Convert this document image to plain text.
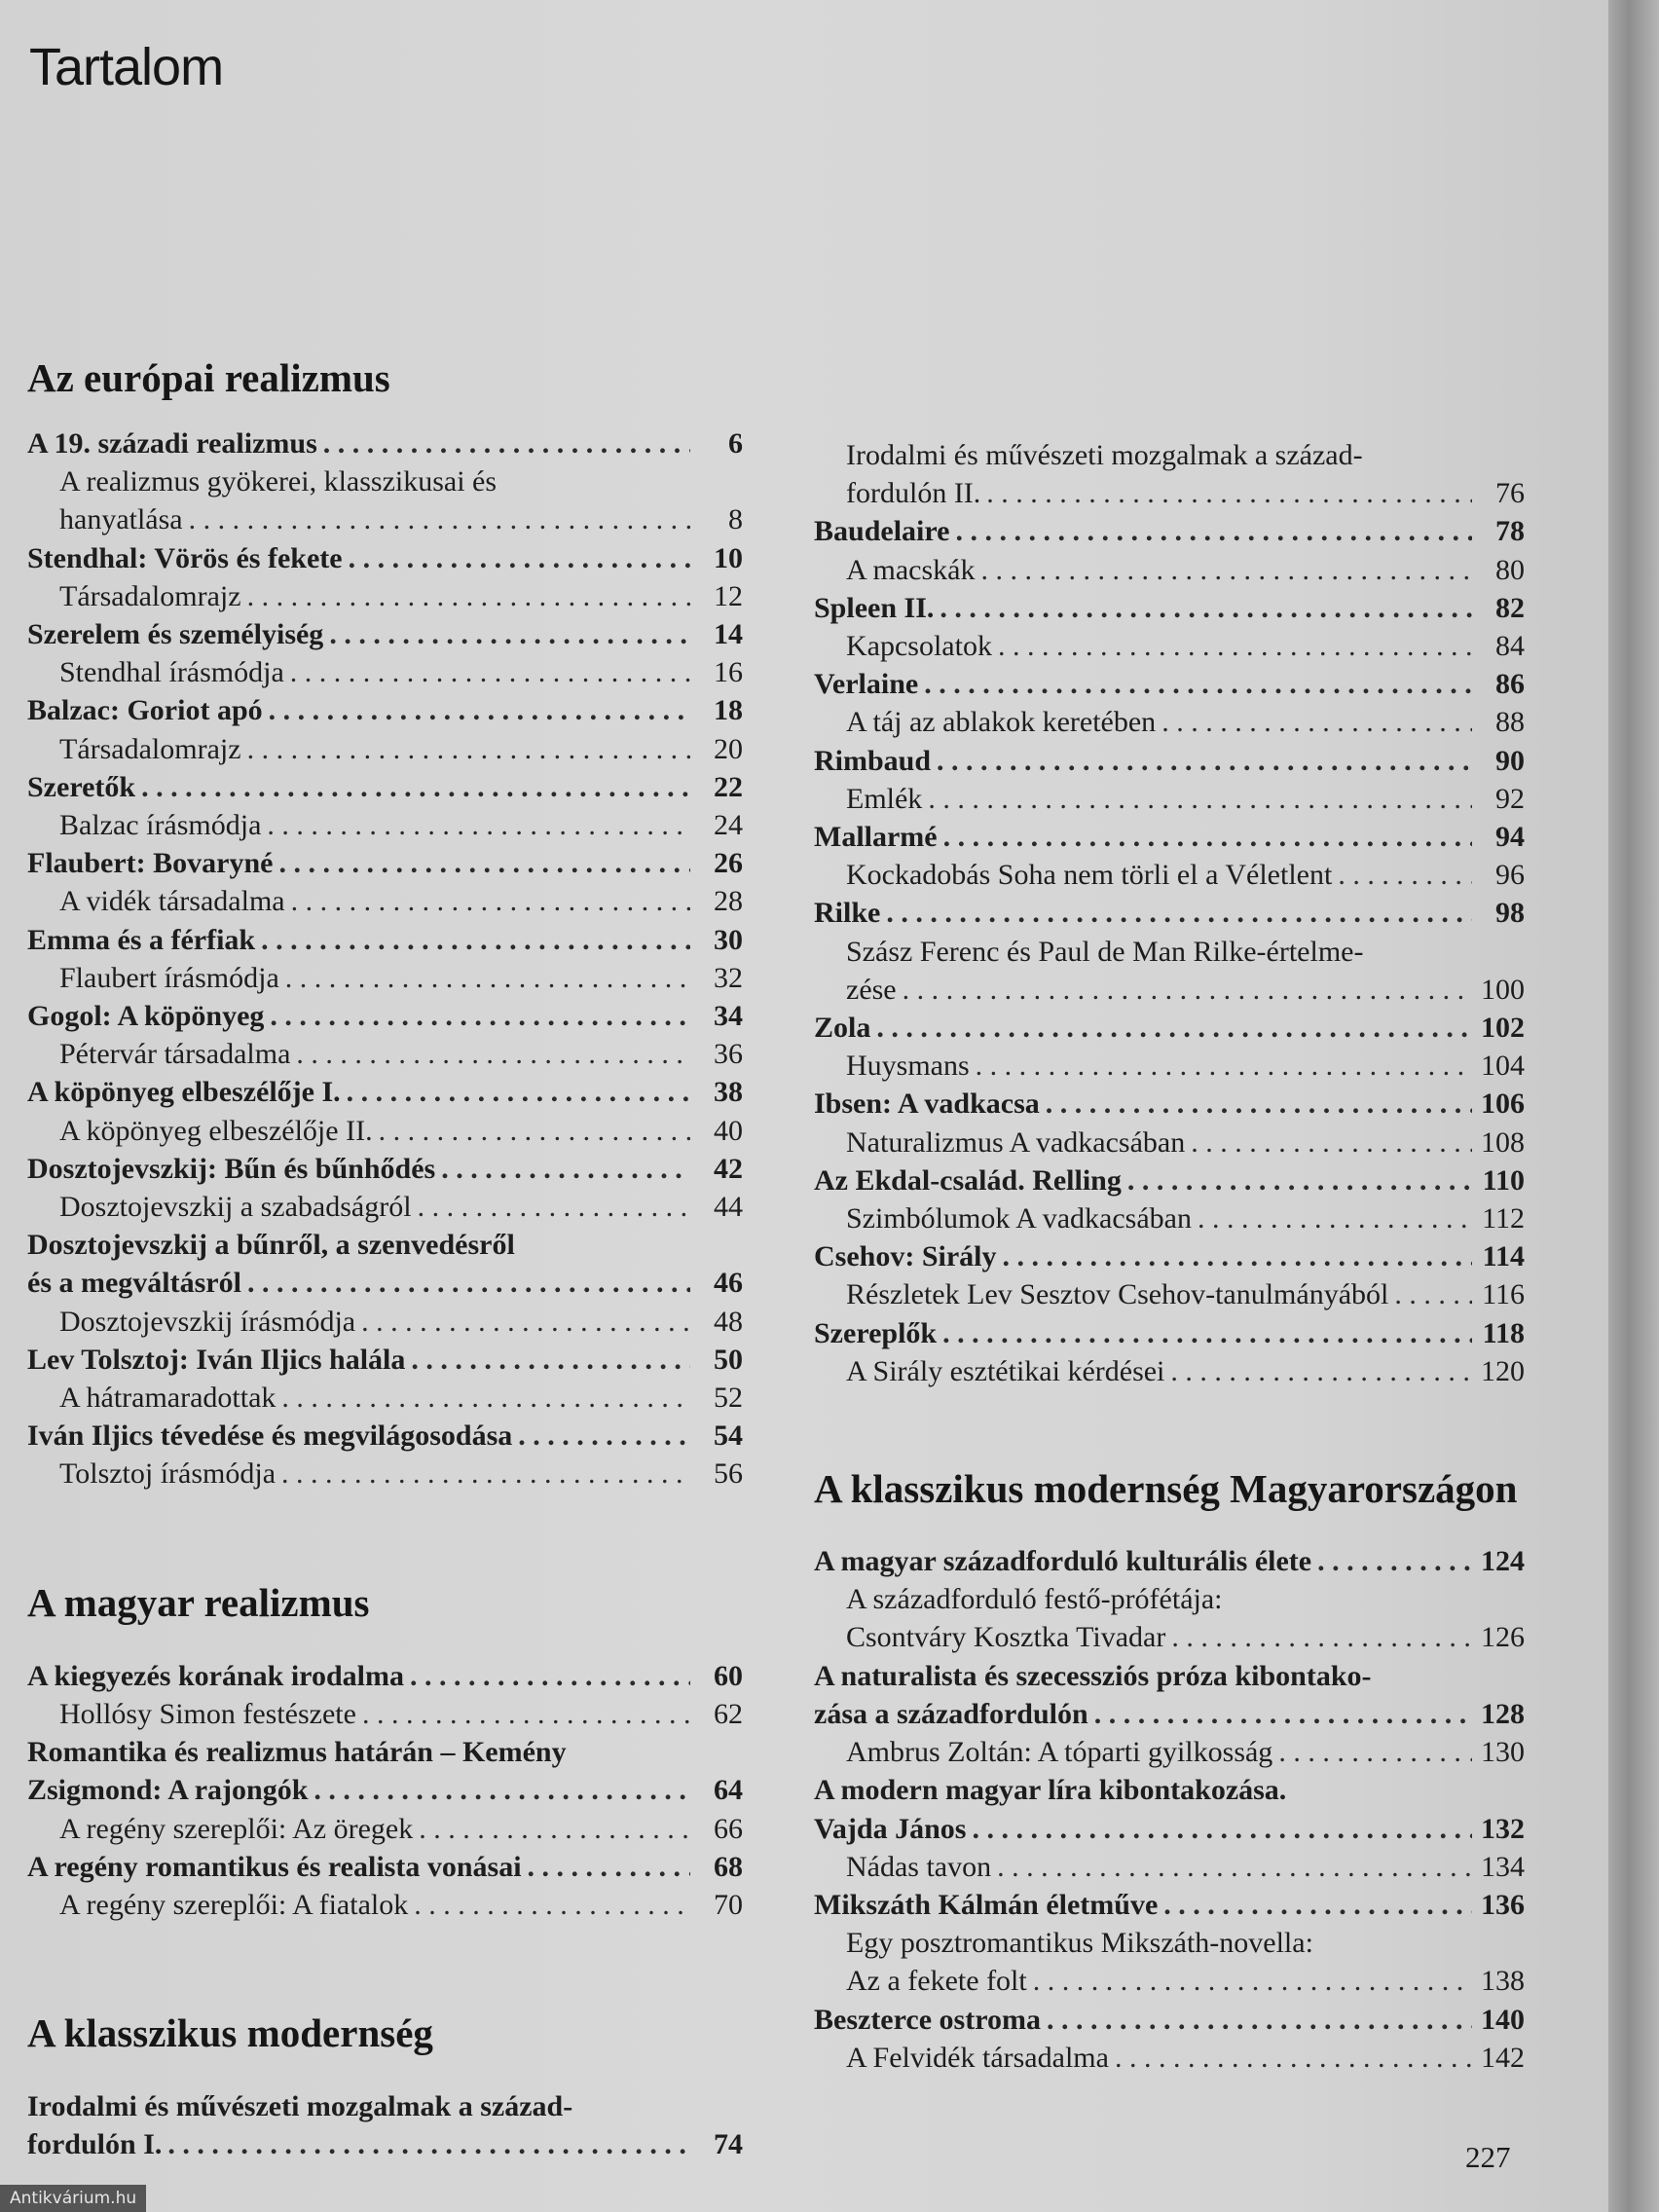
Tartalom
Az európai realizmus
A 19. századi realizmus . . .	6
A realizmus gyökerei, klasszikusai és
hanyatlása . . .	8
Stendhal: Vörös és fekete . . .	10
Társadalomrajz . . .	12
Szerelem és személyiség . . .	14
Stendhal írásmódja . . .	16
Balzac: Goriot apó . . .	18
Társadalomrajz . . .	20
Szeretők . . .	22
Balzac írásmódja . . .	24
Flaubert: Bovaryné . . .	26
A vidék társadalma . . .	28
Emma és a férfiak . . .	30
Flaubert írásmódja . . .	32
Gogol: A köpönyeg . . .	34
Pétervár társadalma . . .	36
A köpönyeg elbeszélője I. . . .	38
A köpönyeg elbeszélője II. . . .	40
Dosztojevszkij: Bűn és bűnhődés . . .	42
Dosztojevszkij a szabadságról . . .	44
Dosztojevszkij a bűnről, a szenvedésről
és a megváltásról . . .	46
Dosztojevszkij írásmódja . . .	48
Lev Tolsztoj: Iván Iljics halála . . .	50
A hátramaradottak . . .	52
Iván Iljics tévedése és megvilágosodása . . .	54
Tolsztoj írásmódja . . .	56
A magyar realizmus
A kiegyezés korának irodalma . . .	60
Hollósy Simon festészete . . .	62
Romantika és realizmus határán – Kemény
Zsigmond: A rajongók . . .	64
A regény szereplői: Az öregek . . .	66
A regény romantikus és realista vonásai . . .	68
A regény szereplői: A fiatalok . . .	70
A klasszikus modernség
Irodalmi és művészeti mozgalmak a század-
fordulón I. . . .	74
Irodalmi és művészeti mozgalmak a század-
fordulón II. . . .	76
Baudelaire . . .	78
A macskák . . .	80
Spleen II. . . .	82
Kapcsolatok . . .	84
Verlaine . . .	86
A táj az ablakok keretében . . .	88
Rimbaud . . .	90
Emlék . . .	92
Mallarmé . . .	94
Kockadobás Soha nem törli el a Véletlent . . .	96
Rilke . . .	98
Szász Ferenc és Paul de Man Rilke-értelme-
zése . . .	100
Zola . . .	102
Huysmans . . .	104
Ibsen: A vadkacsa . . .	106
Naturalizmus A vadkacsában . . .	108
Az Ekdal-család. Relling . . .	110
Szimbólumok A vadkacsában . . .	112
Csehov: Sirály . . .	114
Részletek Lev Sesztov Csehov-tanulmányából . . .	116
Szereplők . . .	118
A Sirály esztétikai kérdései . . .	120
A klasszikus modernség Magyarországon
A magyar századforduló kulturális élete . . .	124
A századforduló festő-prófétája:
Csontváry Kosztka Tivadar . . .	126
A naturalista és szecessziós próza kibontako-
zása a századfordulón . . .	128
Ambrus Zoltán: A tóparti gyilkosság . . .	130
A modern magyar líra kibontakozása.
Vajda János . . .	132
Nádas tavon . . .	134
Mikszáth Kálmán életműve . . .	136
Egy posztromantikus Mikszáth-novella:
Az a fekete folt . . .	138
Beszterce ostroma . . .	140
A Felvidék társadalma . . .	142
227
Antikvárium.hu
